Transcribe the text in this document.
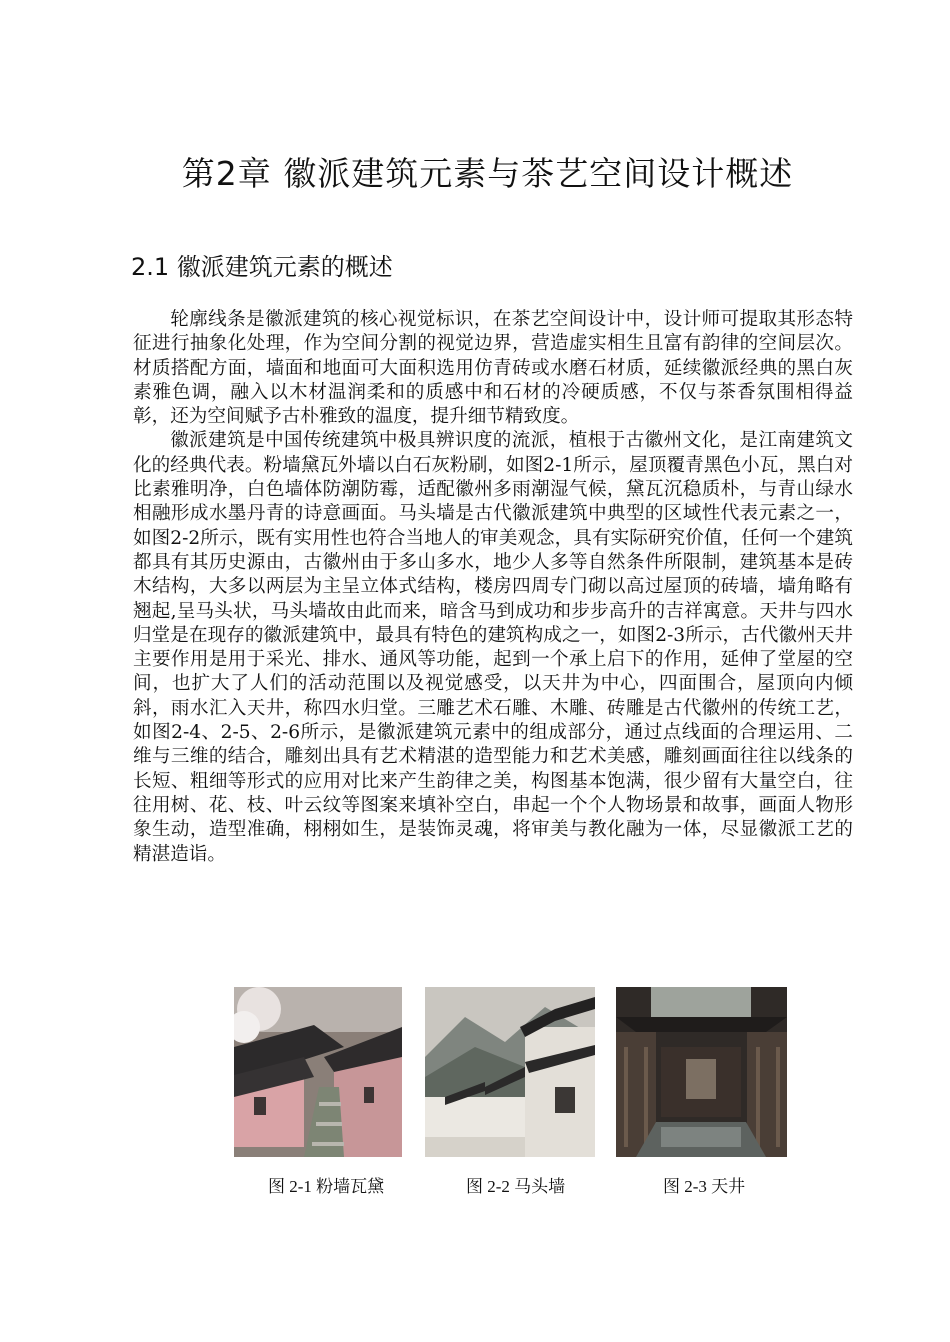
第2章 徽派建筑元素与茶艺空间设计概述
2.1 徽派建筑元素的概述

轮廓线条是徽派建筑的核心视觉标识，在茶艺空间设计中，设计师可提取其形态特征进行抽象化处理，作为空间分割的视觉边界，营造虚实相生且富有韵律的空间层次。材质搭配方面，墙面和地面可大面积选用仿青砖或水磨石材质，延续徽派经典的黑白灰素雅色调，融入以木材温润柔和的质感中和石材的冷硬质感，不仅与茶香氛围相得益彰，还为空间赋予古朴雅致的温度，提升细节精致度。

徽派建筑是中国传统建筑中极具辨识度的流派，植根于古徽州文化，是江南建筑文化的经典代表。粉墙黛瓦外墙以白石灰粉刷，如图2-1所示，屋顶覆青黑色小瓦，黑白对比素雅明净，白色墙体防潮防霉，适配徽州多雨潮湿气候，黛瓦沉稳质朴，与青山绿水相融形成水墨丹青的诗意画面。马头墙是古代徽派建筑中典型的区域性代表元素之一，如图2-2所示，既有实用性也符合当地人的审美观念，具有实际研究价值，任何一个建筑都具有其历史源由，古徽州由于多山多水，地少人多等自然条件所限制，建筑基本是砖木结构，大多以两层为主呈立体式结构，楼房四周专门砌以高过屋顶的砖墙，墙角略有翘起,呈马头状，马头墙故由此而来，暗含马到成功和步步高升的吉祥寓意。天井与四水归堂是在现存的徽派建筑中，最具有特色的建筑构成之一，如图2-3所示，古代徽州天井主要作用是用于采光、排水、通风等功能，起到一个承上启下的作用，延伸了堂屋的空间，也扩大了人们的活动范围以及视觉感受，以天井为中心，四面围合，屋顶向内倾斜，雨水汇入天井，称四水归堂。三雕艺术石雕、木雕、砖雕是古代徽州的传统工艺，如图2-4、2-5、2-6所示，是徽派建筑元素中的组成部分，通过点线面的合理运用、二维与三维的结合，雕刻出具有艺术精湛的造型能力和艺术美感，雕刻画面往往以线条的长短、粗细等形式的应用对比来产生韵律之美，构图基本饱满，很少留有大量空白，往往用树、花、枝、叶云纹等图案来填补空白，串起一个个人物场景和故事，画面人物形象生动，造型准确，栩栩如生，是装饰灵魂，将审美与教化融为一体，尽显徽派工艺的精湛造诣。

图 2-1 粉墙瓦黛	图 2-2 马头墙	图 2-3 天井
